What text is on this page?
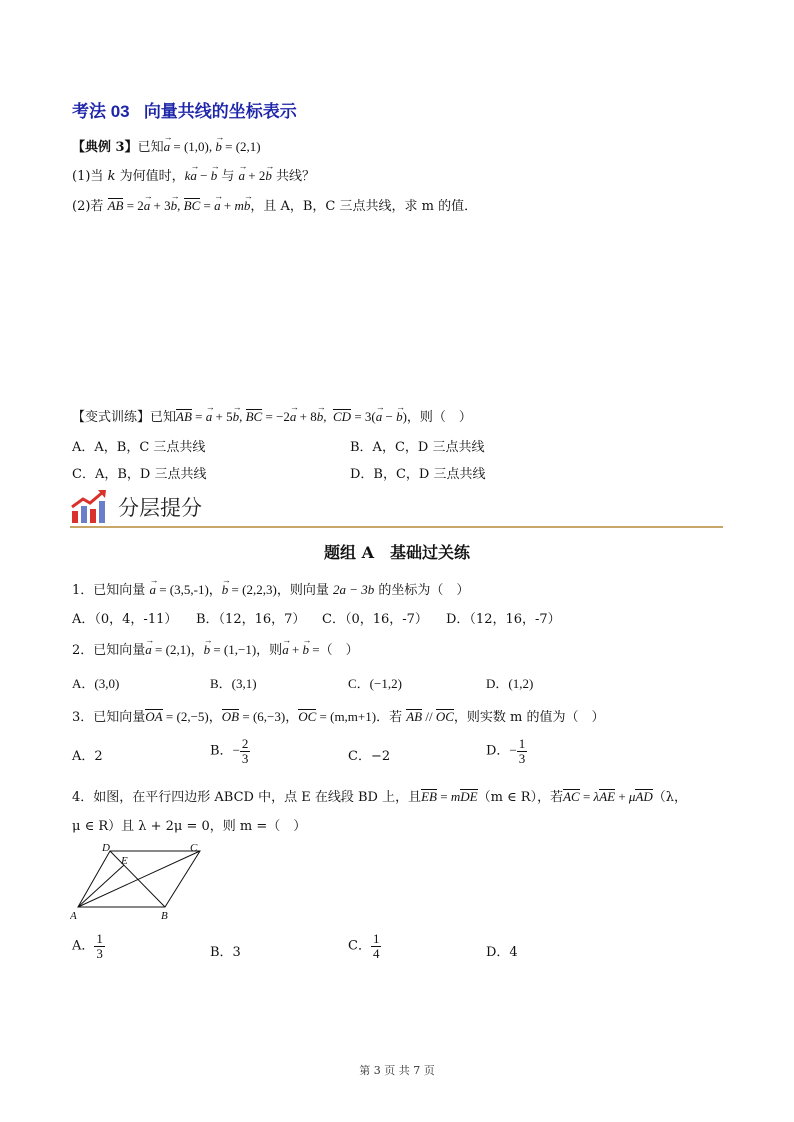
考法 03 向量共线的坐标表示
【典例 3】已知→ a = (1,0), → b = (2,1)
(1)当 k 为何值时，k→ a − → b 与 → a + 2→ b 共线？
(2)若 AB = 2→ a + 3→ b, BC = → a + m→ b，且 A，B，C 三点共线，求 m 的值．
【变式训练】已知AB = → a + 5→ b, BC = −2→ a + 8→ b,  CD = 3(→ a − → b)，则（　）
A．A，B，C 三点共线	B．A，C，D 三点共线
C．A，B，D 三点共线	D．B，C，D 三点共线
分层提分
题组 A　基础过关练
1．已知向量 → a = (3,5,-1)，→ b = (2,2,3)，则向量 2a − 3b 的坐标为（　）
A．（0，4，-11） B．（12，16，7） C．（0，16，-7） D．（12，16，-7）
2．已知向量→ a = (2,1)，→ b = (1,−1)，则→ a + → b =（　）
A．(3,0)	B．(3,1)	C．(−1,2)	D．(1,2)
3．已知向量OA = (2,−5)，OB = (6,−3)，OC = (m,m+1)．若 AB // OC，则实数 m 的值为（　）
A．2	B．− $\frac{2}{3}$	C．−2	D．− $\frac{1}{3}$
4．如图，在平行四边形 ABCD 中，点 E 在线段 BD 上，且EB = mDE（m ∈ R），若AC = λAE + μAD（λ，
μ ∈ R）且 λ + 2μ = 0，则 m =（　）
A	B
C
D
E
A． $\frac{1}{3}$	B．3	C． $\frac{1}{4}$	D．4
第 3 页 共 7 页
